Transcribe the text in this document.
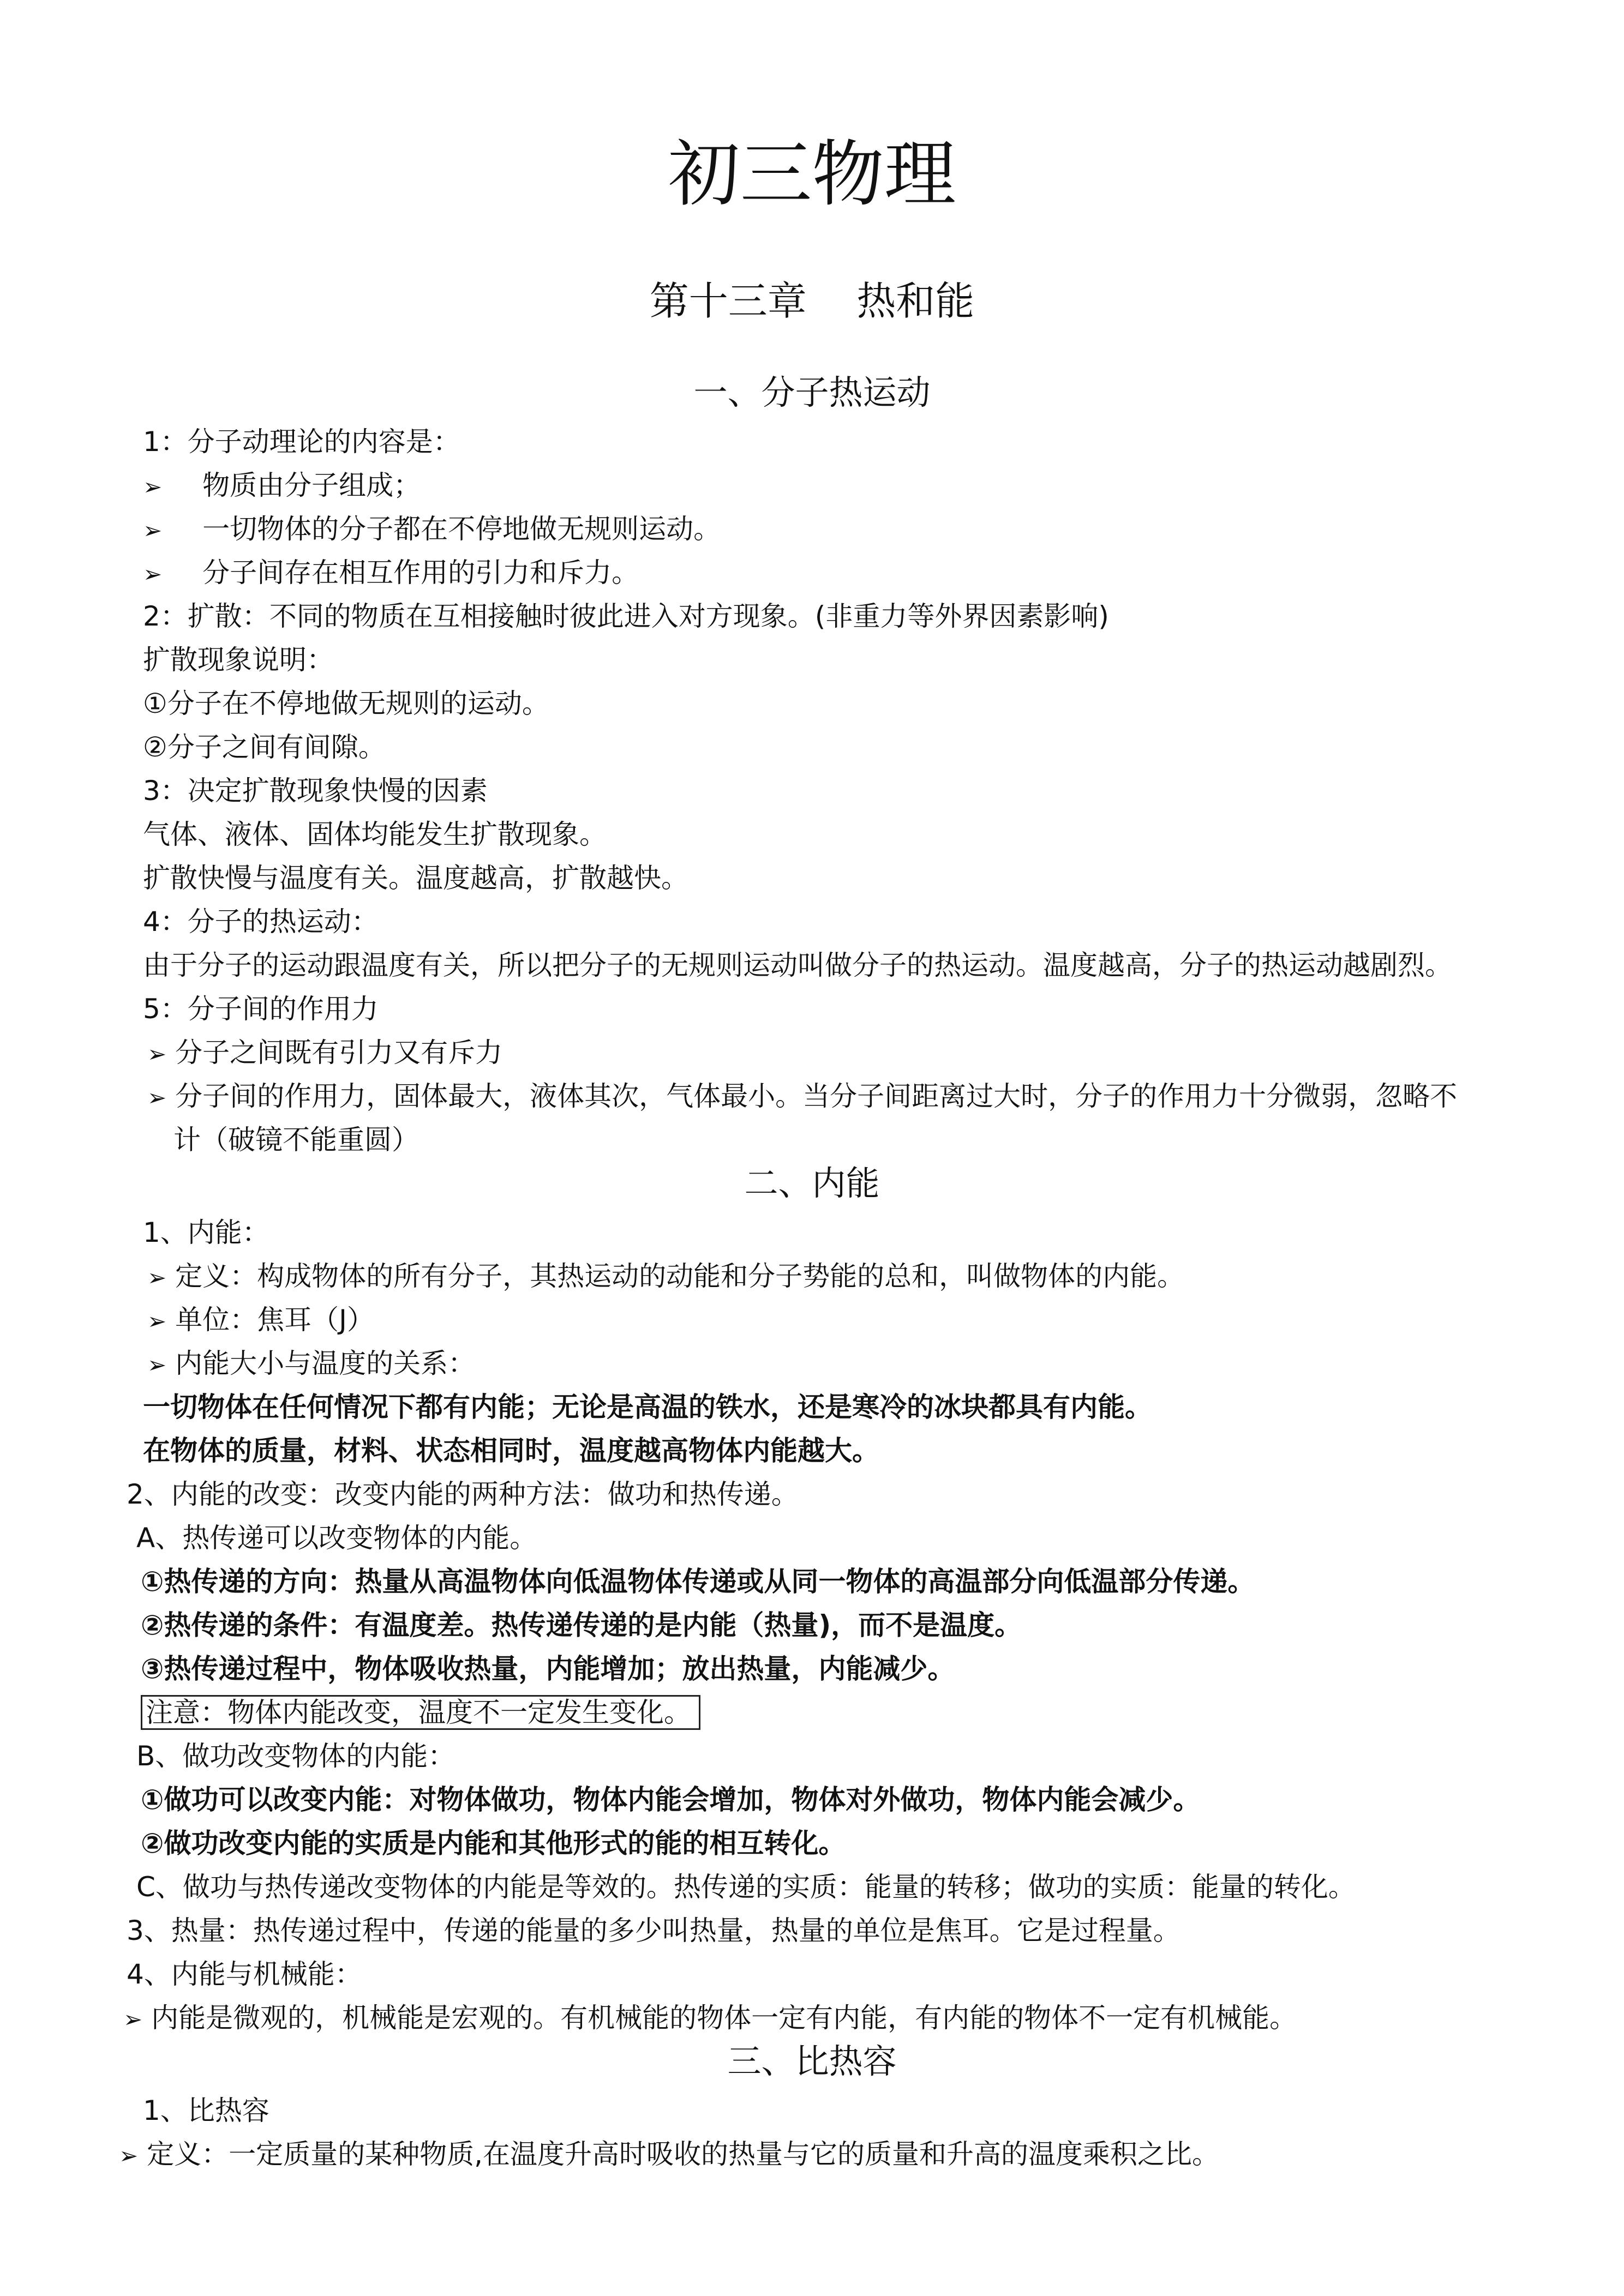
初三物理
第十三章    热和能
一、分子热运动
1：分子动理论的内容是：
➢ 物质由分子组成；
➢ 一切物体的分子都在不停地做无规则运动。
➢ 分子间存在相互作用的引力和斥力。
2：扩散：不同的物质在互相接触时彼此进入对方现象。(非重力等外界因素影响)
扩散现象说明：
①分子在不停地做无规则的运动。
②分子之间有间隙。
3：决定扩散现象快慢的因素
气体、液体、固体均能发生扩散现象。
扩散快慢与温度有关。温度越高，扩散越快。
4：分子的热运动：
由于分子的运动跟温度有关，所以把分子的无规则运动叫做分子的热运动。温度越高，分子的热运动越剧烈。
5：分子间的作用力
➢ 分子之间既有引力又有斥力
➢ 分子间的作用力，固体最大，液体其次，气体最小。当分子间距离过大时，分子的作用力十分微弱，忽略不
计（破镜不能重圆）
二、内能
1、内能：
➢ 定义：构成物体的所有分子，其热运动的动能和分子势能的总和，叫做物体的内能。
➢ 单位：焦耳（J）
➢ 内能大小与温度的关系：
一切物体在任何情况下都有内能；无论是高温的铁水，还是寒冷的冰块都具有内能。
在物体的质量，材料、状态相同时，温度越高物体内能越大。
2、内能的改变：改变内能的两种方法：做功和热传递。
A、热传递可以改变物体的内能。
①热传递的方向：热量从高温物体向低温物体传递或从同一物体的高温部分向低温部分传递。
②热传递的条件：有温度差。热传递传递的是内能（热量)，而不是温度。
③热传递过程中，物体吸收热量，内能增加；放出热量，内能减少。
注意：物体内能改变，温度不一定发生变化。
B、做功改变物体的内能：
①做功可以改变内能：对物体做功，物体内能会增加，物体对外做功，物体内能会减少。
②做功改变内能的实质是内能和其他形式的能的相互转化。
C、做功与热传递改变物体的内能是等效的。热传递的实质：能量的转移；做功的实质：能量的转化。
3、热量：热传递过程中，传递的能量的多少叫热量，热量的单位是焦耳。它是过程量。
4、内能与机械能：
➢ 内能是微观的，机械能是宏观的。有机械能的物体一定有内能，有内能的物体不一定有机械能。
三、比热容
1、比热容
➢ 定义：一定质量的某种物质,在温度升高时吸收的热量与它的质量和升高的温度乘积之比。
